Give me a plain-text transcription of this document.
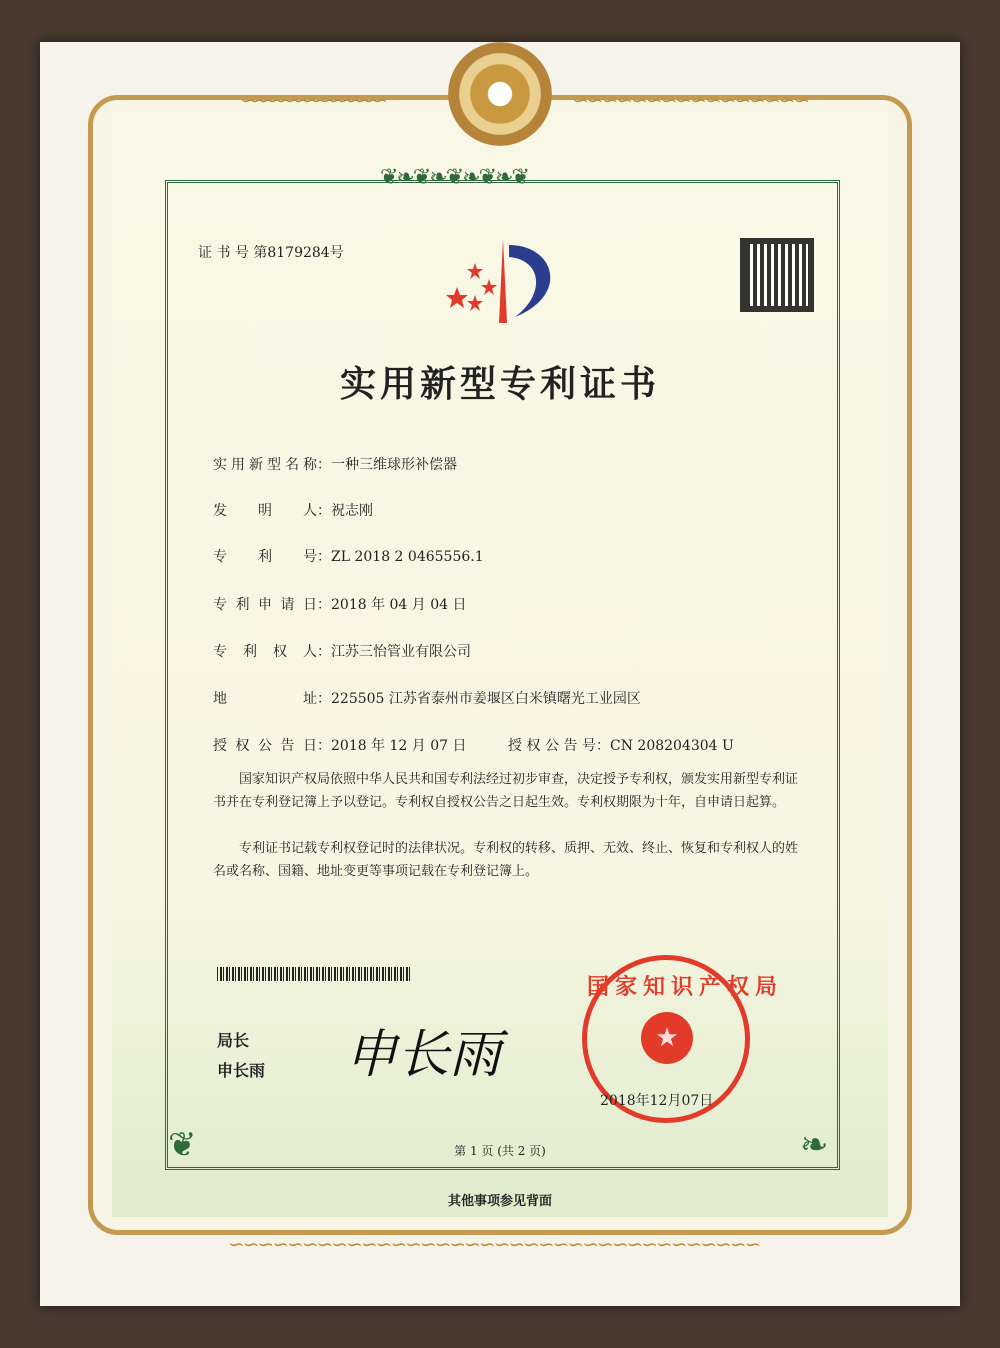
∽∽∽∽∽∽∽∽∽∽∽∽∽∽∽∽	∽∽∽∽∽∽∽∽∽∽∽∽∽∽∽∽
∽∽∽∽∽∽∽∽∽∽∽∽∽∽∽∽∽∽∽∽∽∽∽∽∽∽∽∽∽∽∽∽∽∽∽∽
❦❧❦❧❦❧❦❧❦
❦	❧
证 书 号 第8179284号
实用新型专利证书
实用新型名称：一种三维球形补偿器
发明人：祝志刚
专利号：ZL 2018 2 0465556.1
专利申请日：2018 年 04 月 04 日
专利权人：江苏三怡管业有限公司
地址：225505 江苏省泰州市姜堰区白米镇曙光工业园区
授权公告日：2018 年 12 月 07 日	授权公告号：CN 208204304 U
国家知识产权局依照中华人民共和国专利法经过初步审查，决定授予专利权，颁发实用新型专利证书并在专利登记簿上予以登记。专利权自授权公告之日起生效。专利权期限为十年，自申请日起算。
专利证书记载专利权登记时的法律状况。专利权的转移、质押、无效、终止、恢复和专利权人的姓名或名称、国籍、地址变更等事项记载在专利登记簿上。
局长
申长雨 申长雨
国家知识产权局
★
2018年12月07日
第 1 页 (共 2 页)
其他事项参见背面
